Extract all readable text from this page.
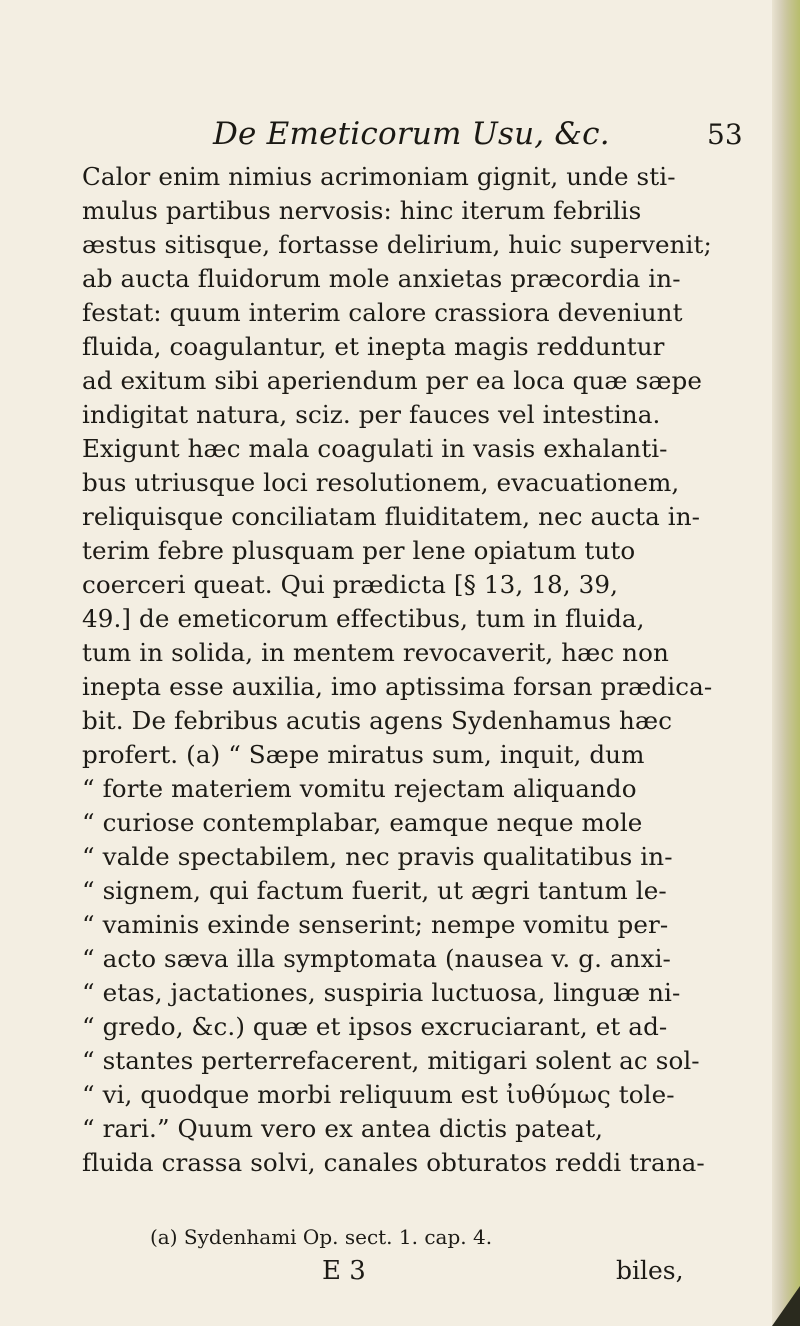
De Emeticorum Usu, &c.	53
Calor enim nimius acrimoniam gignit, unde sti-
mulus partibus nervosis: hinc iterum febrilis
æstus sitisque, fortasse delirium, huic supervenit;
ab aucta fluidorum mole anxietas præcordia in-
festat: quum interim calore crassiora deveniunt
fluida, coagulantur, et inepta magis redduntur
ad exitum sibi aperiendum per ea loca quæ sæpe
indigitat natura, sciz. per fauces vel intestina.
Exigunt hæc mala coagulati in vasis exhalanti-
bus utriusque loci resolutionem, evacuationem,
reliquisque conciliatam fluiditatem, nec aucta in-
terim febre plusquam per lene opiatum tuto
coerceri queat. Qui prædicta [§ 13, 18, 39,
49.] de emeticorum effectibus, tum in fluida,
tum in solida, in mentem revocaverit, hæc non
inepta esse auxilia, imo aptissima forsan prædica-
bit. De febribus acutis agens Sydenhamus hæc
profert. (a) “ Sæpe miratus sum, inquit, dum
“ forte materiem vomitu rejectam aliquando
“ curiose contemplabar, eamque neque mole
“ valde spectabilem, nec pravis qualitatibus in-
“ signem, qui factum fuerit, ut ægri tantum le-
“ vaminis exinde senserint; nempe vomitu per-
“ acto sæva illa symptomata (nausea v. g. anxi-
“ etas, jactationes, suspiria luctuosa, linguæ ni-
“ gredo, &c.) quæ et ipsos excruciarant, et ad-
“ stantes perterrefacerent, mitigari solent ac sol-
“ vi, quodque morbi reliquum est ἰυθύμως tole-
“ rari.” Quum vero ex antea dictis pateat,
fluida crassa solvi, canales obturatos reddi trana-
(a) Sydenhami Op. sect. 1. cap. 4.
E 3	biles,
